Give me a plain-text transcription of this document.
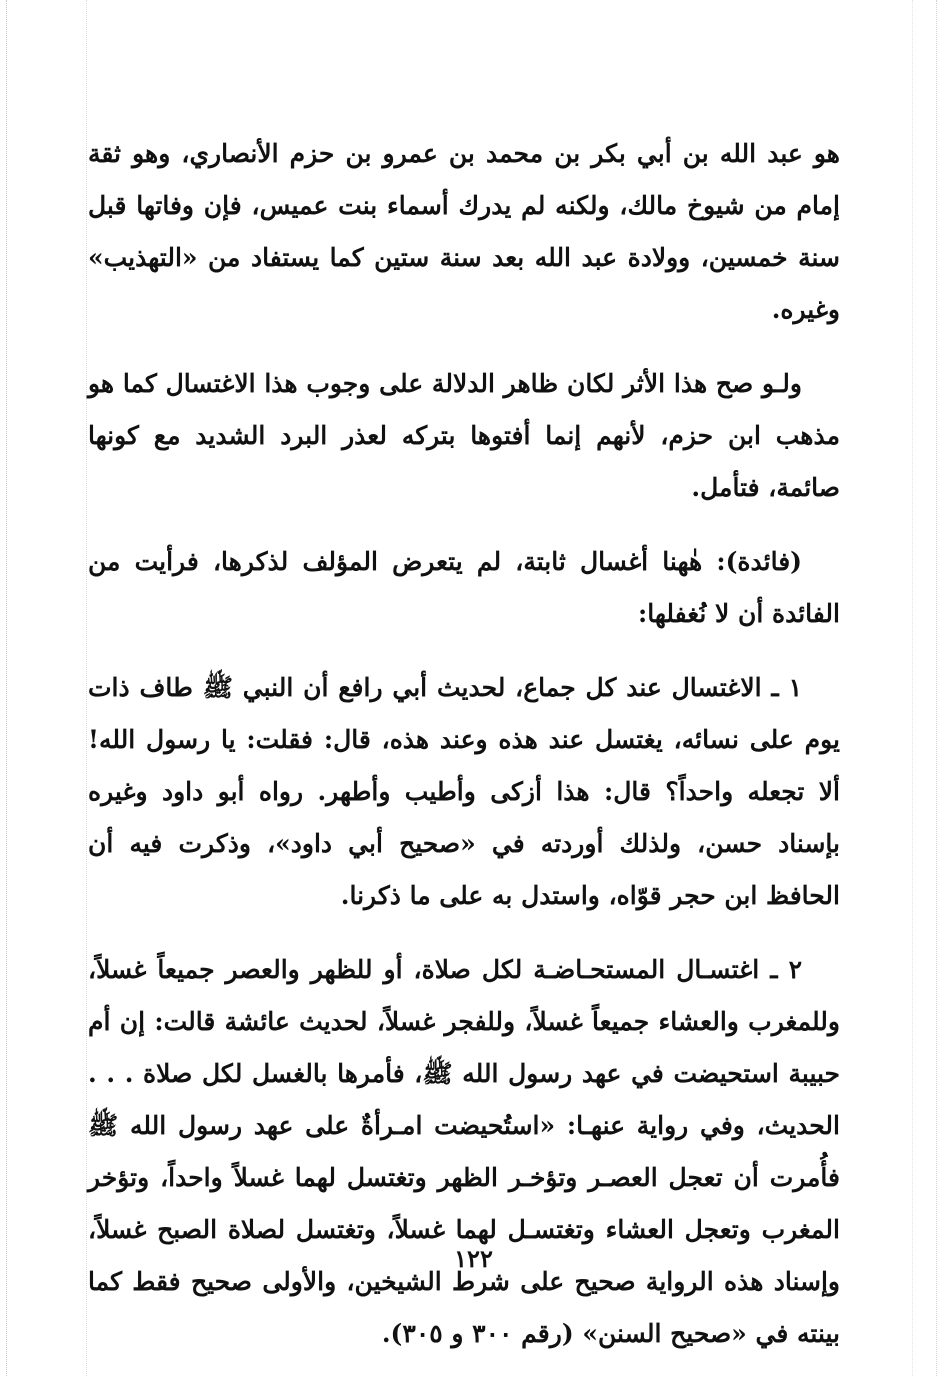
هو عبد الله بن أبي بكر بن محمد بن عمرو بن حزم الأنصاري، وهو ثقة إمام من شيوخ مالك، ولكنه لم يدرك أسماء بنت عميس، فإن وفاتها قبل سنة خمسين، وولادة عبد الله بعد سنة ستين كما يستفاد من «التهذيب» وغيره.

ولـو صح هذا الأثر لكان ظاهر الدلالة على وجوب هذا الاغتسال كما هو مذهب ابن حزم، لأنهم إنما أفتوها بتركه لعذر البرد الشديد مع كونها صائمة، فتأمل.

(فائدة): هٰهنا أغسال ثابتة، لم يتعرض المؤلف لذكرها، فرأيت من الفائدة أن لا نُغفلها:

١ ـ الاغتسال عند كل جماع، لحديث أبي رافع أن النبي ﷺ طاف ذات يوم على نسائه، يغتسل عند هذه وعند هذه، قال: فقلت: يا رسول الله! ألا تجعله واحداً؟ قال: هذا أزكى وأطيب وأطهر. رواه أبو داود وغيره بإسناد حسن، ولذلك أوردته في «صحيح أبي داود»، وذكرت فيه أن الحافظ ابن حجر قوّاه، واستدل به على ما ذكرنا.

٢ ـ اغتسـال المستحـاضـة لكل صلاة، أو للظهر والعصر جميعاً غسلاً، وللمغرب والعشاء جميعاً غسلاً، وللفجر غسلاً، لحديث عائشة قالت: إن أم حبيبة استحيضت في عهد رسول الله ﷺ، فأمرها بالغسل لكل صلاة . . . الحديث، وفي رواية عنهـا: «استُحيضت امـرأةٌ على عهد رسول الله ﷺ فأُمرت أن تعجل العصـر وتؤخـر الظهر وتغتسل لهما غسلاً واحداً، وتؤخر المغرب وتعجل العشاء وتغتسـل لهما غسلاً، وتغتسل لصلاة الصبح غسلاً، وإسناد هذه الرواية صحيح على شرط الشيخين، والأولى صحيح فقط كما بينته في «صحيح السنن» (رقم ٣٠٠ و ٣٠٥).

١٢٢
